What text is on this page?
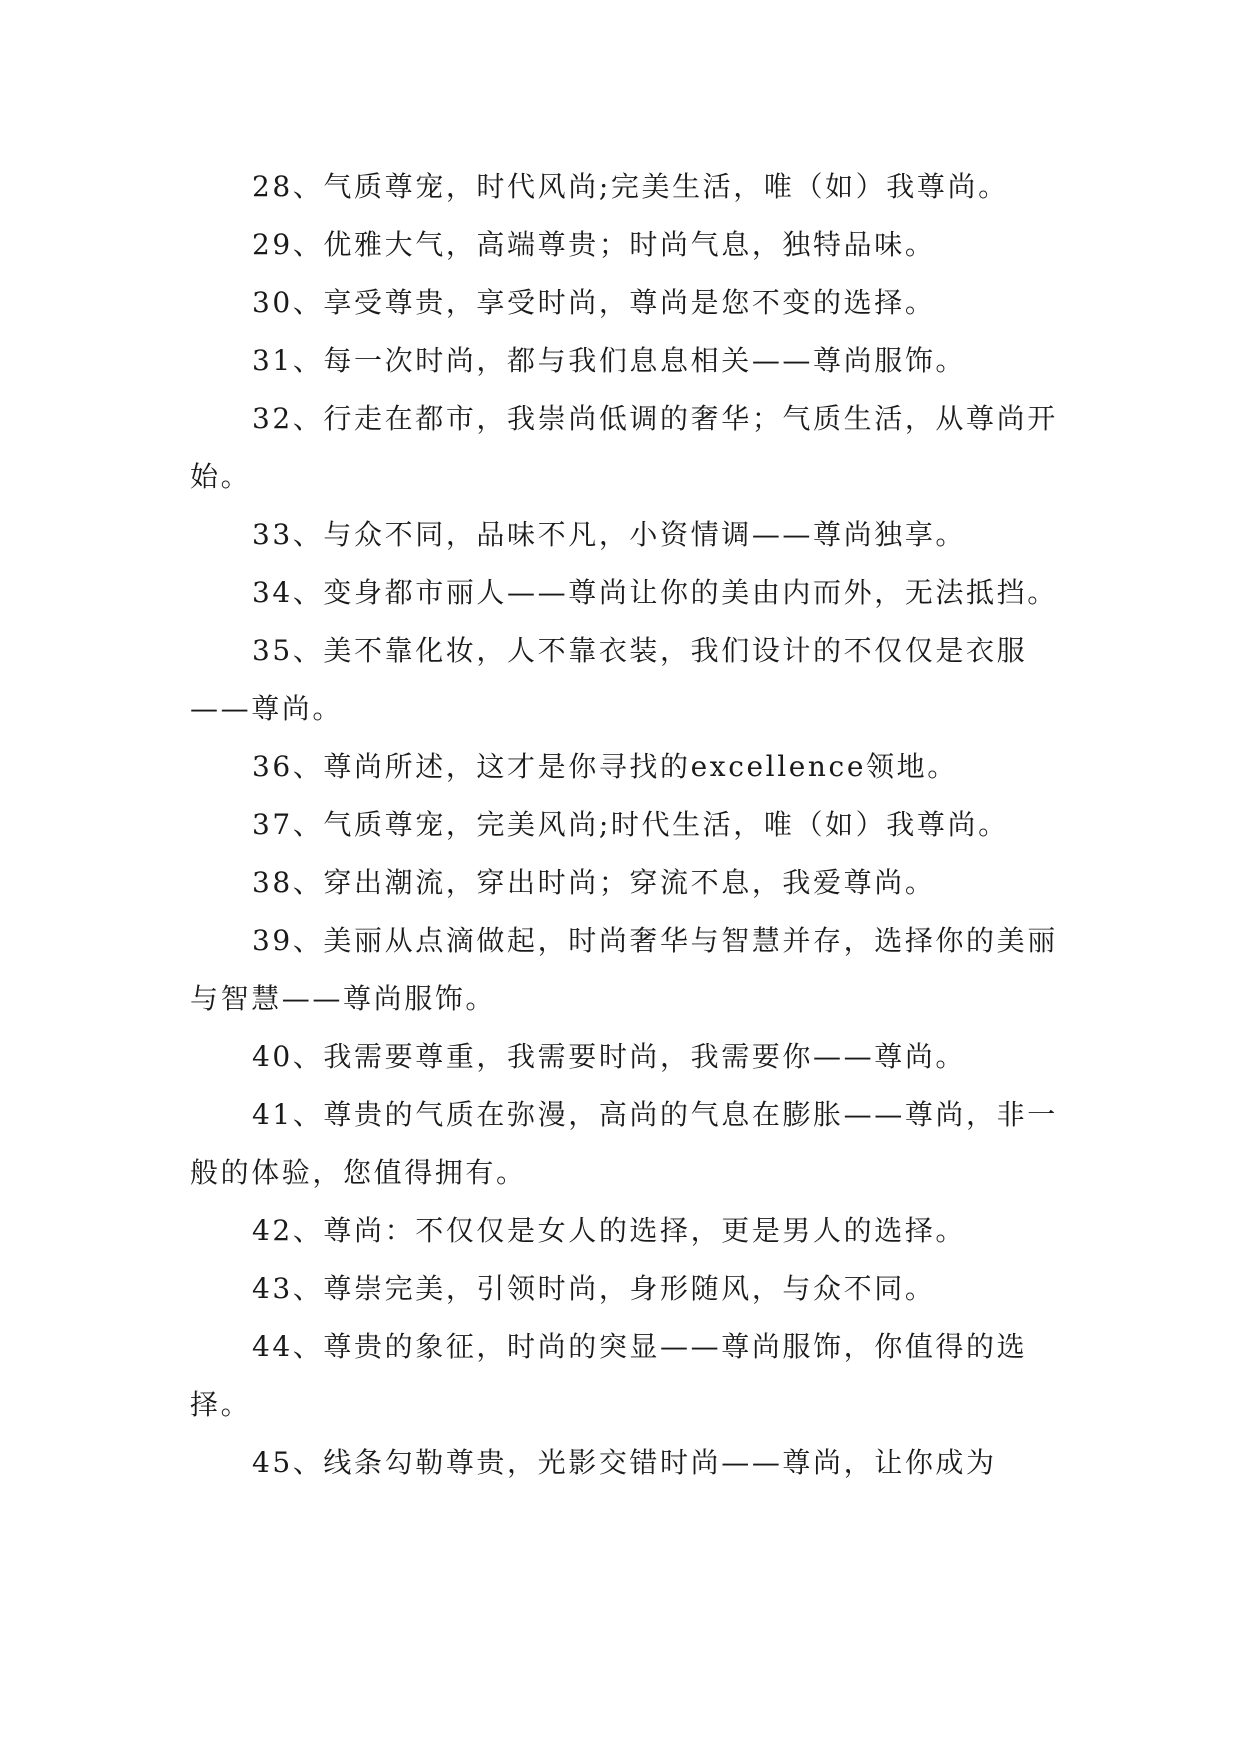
28、气质尊宠，时代风尚;完美生活，唯（如）我尊尚。

29、优雅大气，高端尊贵；时尚气息，独特品味。

30、享受尊贵，享受时尚，尊尚是您不变的选择。

31、每一次时尚，都与我们息息相关——尊尚服饰。

32、行走在都市，我崇尚低调的奢华；气质生活，从尊尚开始。

33、与众不同，品味不凡，小资情调——尊尚独享。

34、变身都市丽人——尊尚让你的美由内而外，无法抵挡。

35、美不靠化妆，人不靠衣装，我们设计的不仅仅是衣服——尊尚。

36、尊尚所述，这才是你寻找的excellence领地。

37、气质尊宠，完美风尚;时代生活，唯（如）我尊尚。

38、穿出潮流，穿出时尚；穿流不息，我爱尊尚。

39、美丽从点滴做起，时尚奢华与智慧并存，选择你的美丽与智慧——尊尚服饰。

40、我需要尊重，我需要时尚，我需要你——尊尚。

41、尊贵的气质在弥漫，高尚的气息在膨胀——尊尚，非一般的体验，您值得拥有。

42、尊尚：不仅仅是女人的选择，更是男人的选择。

43、尊崇完美，引领时尚，身形随风，与众不同。

44、尊贵的象征，时尚的突显——尊尚服饰，你值得的选择。

45、线条勾勒尊贵，光影交错时尚——尊尚，让你成为
